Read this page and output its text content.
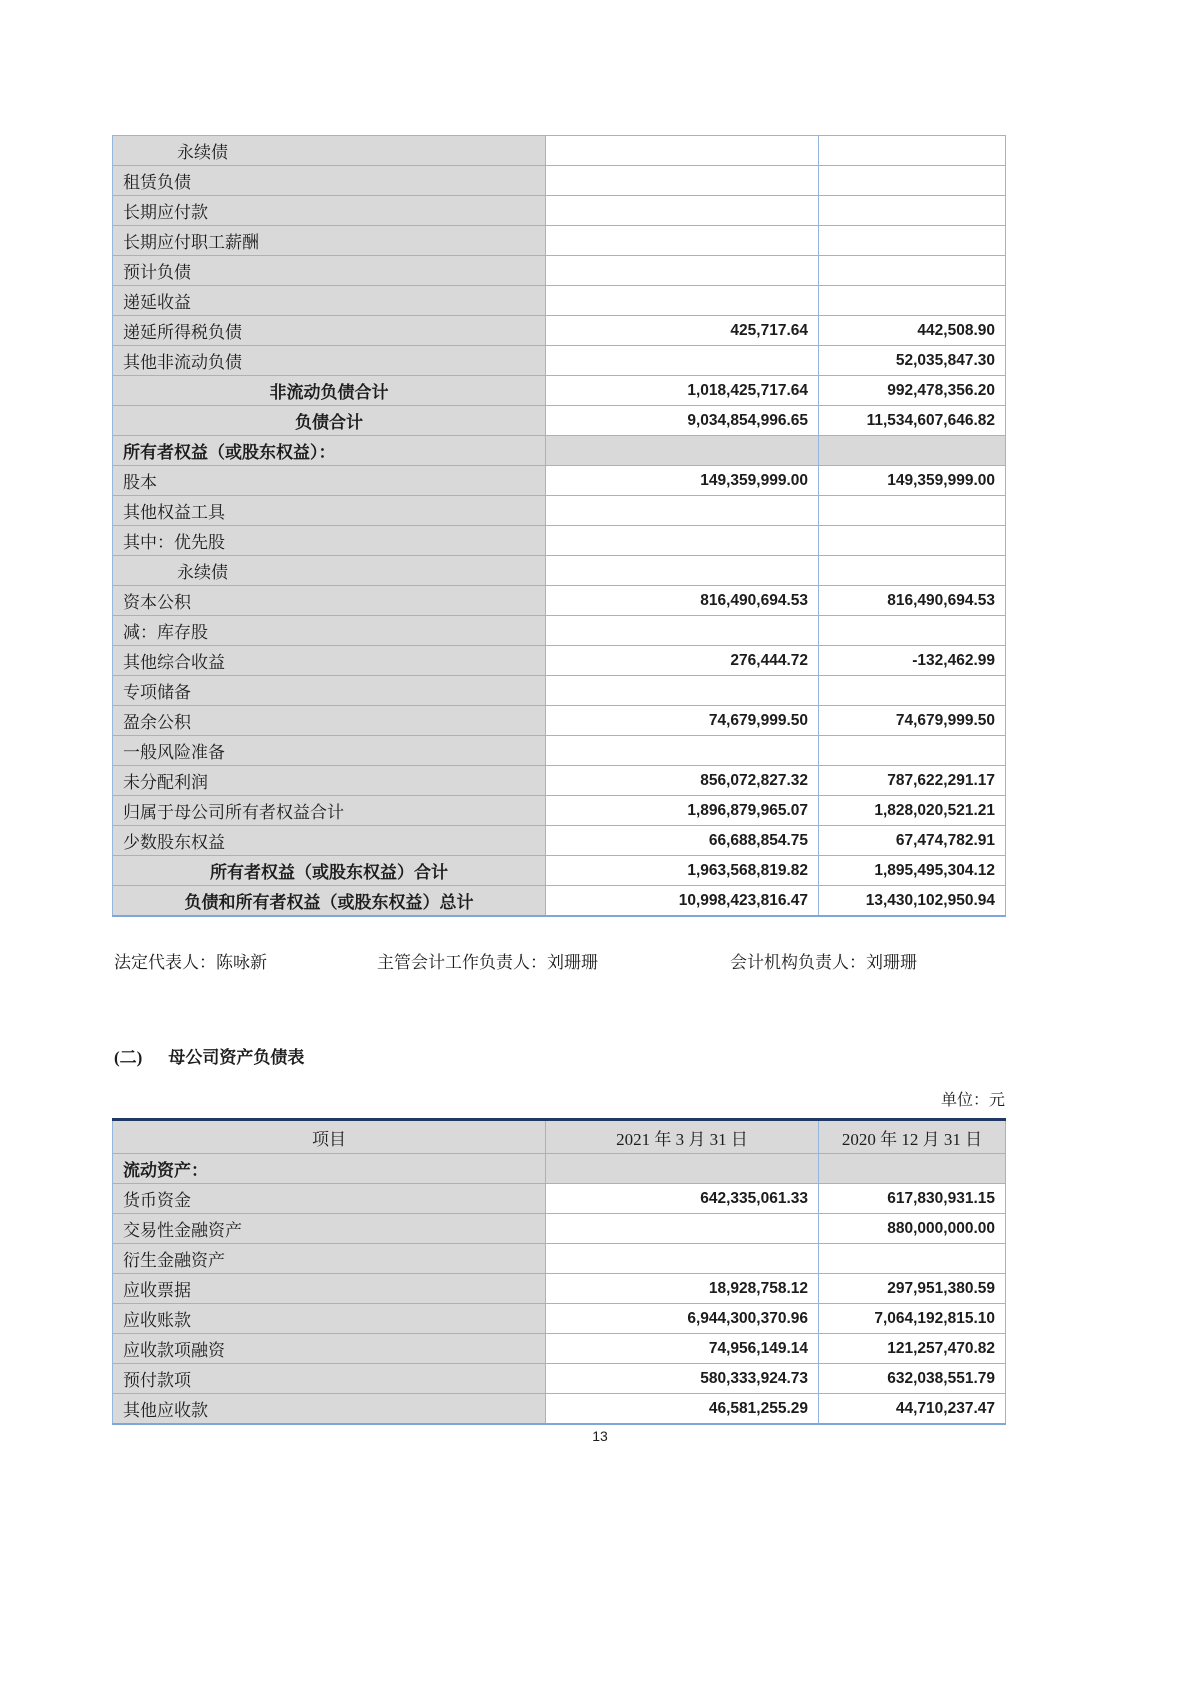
永续债		
租赁负债		
长期应付款		
长期应付职工薪酬		
预计负债		
递延收益		
递延所得税负债	425,717.64	442,508.90
其他非流动负债		52,035,847.30
非流动负债合计	1,018,425,717.64	992,478,356.20
负债合计	9,034,854,996.65	11,534,607,646.82
所有者权益（或股东权益）：		
股本	149,359,999.00	149,359,999.00
其他权益工具		
其中：优先股		
永续债		
资本公积	816,490,694.53	816,490,694.53
减：库存股		
其他综合收益	276,444.72	-132,462.99
专项储备		
盈余公积	74,679,999.50	74,679,999.50
一般风险准备		
未分配利润	856,072,827.32	787,622,291.17
归属于母公司所有者权益合计	1,896,879,965.07	1,828,020,521.21
少数股东权益	66,688,854.75	67,474,782.91
所有者权益（或股东权益）合计	1,963,568,819.82	1,895,495,304.12
负债和所有者权益（或股东权益）总计	10,998,423,816.47	13,430,102,950.94
法定代表人：陈咏新	主管会计工作负责人：刘珊珊	会计机构负责人：刘珊珊
(二) 母公司资产负债表
单位：元
项目	2021 年 3 月 31 日	2020 年 12 月 31 日
流动资产：		
货币资金	642,335,061.33	617,830,931.15
交易性金融资产		880,000,000.00
衍生金融资产		
应收票据	18,928,758.12	297,951,380.59
应收账款	6,944,300,370.96	7,064,192,815.10
应收款项融资	74,956,149.14	121,257,470.82
预付款项	580,333,924.73	632,038,551.79
其他应收款	46,581,255.29	44,710,237.47
13
